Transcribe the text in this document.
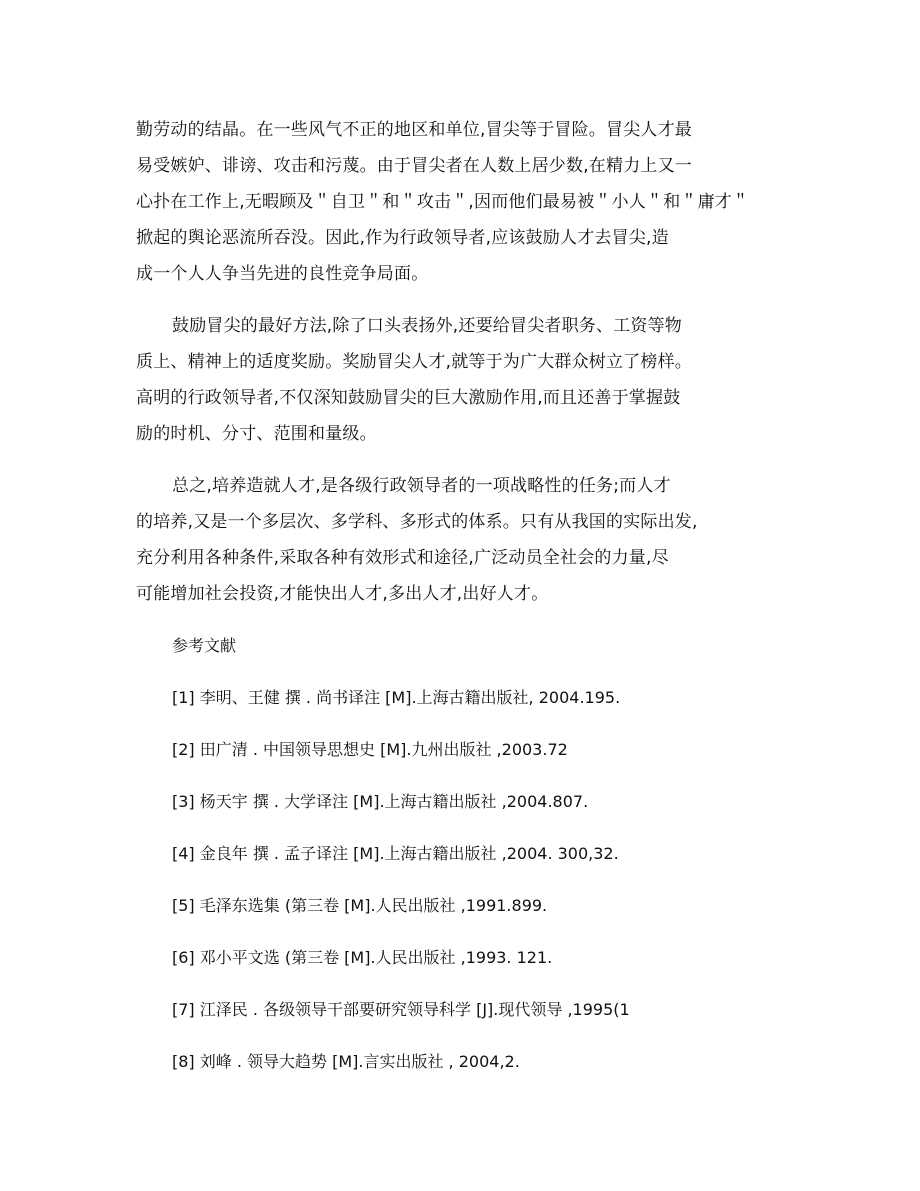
勤劳动的结晶。在一些风气不正的地区和单位,冒尖等于冒险。冒尖人才最
易受嫉妒、诽谤、攻击和污蔑。由于冒尖者在人数上居少数,在精力上又一
心扑在工作上,无暇顾及＂自卫＂和＂攻击＂,因而他们最易被＂小人＂和＂庸才＂
掀起的舆论恶流所吞没。因此,作为行政领导者,应该鼓励人才去冒尖,造
成一个人人争当先进的良性竞争局面。
鼓励冒尖的最好方法,除了口头表扬外,还要给冒尖者职务、工资等物
质上、精神上的适度奖励。奖励冒尖人才,就等于为广大群众树立了榜样。
高明的行政领导者,不仅深知鼓励冒尖的巨大激励作用,而且还善于掌握鼓
励的时机、分寸、范围和量级。
总之,培养造就人才,是各级行政领导者的一项战略性的任务;而人才
的培养,又是一个多层次、多学科、多形式的体系。只有从我国的实际出发,
充分利用各种条件,采取各种有效形式和途径,广泛动员全社会的力量,尽
可能增加社会投资,才能快出人才,多出人才,出好人才。
参考文献
[1] 李明、王健 撰 . 尚书译注 [M].上海古籍出版社, 2004.195.
[2] 田广清 . 中国领导思想史 [M].九州出版社 ,2003.72
[3] 杨天宇 撰 . 大学译注 [M].上海古籍出版社 ,2004.807.
[4] 金良年 撰 . 孟子译注 [M].上海古籍出版社 ,2004. 300,32.
[5] 毛泽东选集 (第三卷 [M].人民出版社 ,1991.899.
[6] 邓小平文选 (第三卷 [M].人民出版社 ,1993. 121.
[7] 江泽民 . 各级领导干部要研究领导科学 [J].现代领导 ,1995(1
[8] 刘峰 . 领导大趋势 [M].言实出版社 , 2004,2.
